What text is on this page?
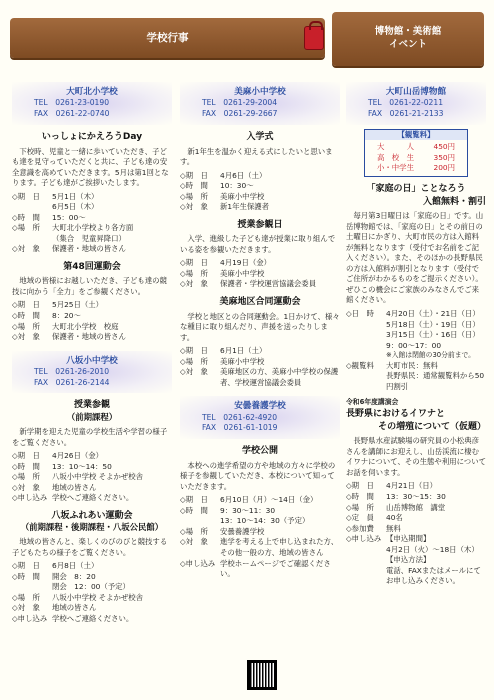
学校行事	博物館・美術館
イベント
大町北小学校
TEL　0261-23-0190
FAX　0261-22-0740
いっしょにかえろうDay

下校時、児童と一緒に歩いていただき、子ども達を見守っていただくと共に、子ども達の安全意識を高めていただきます。5月は第1回となります。子ども達がご挨拶いたします。

◇期　日	5月1日（木）
6月5日（木）
◇時　間	15：00～
◇場　所	大町北小学校より各方面
（集合　児童昇降口）
◇対　象	保護者・地域の皆さん
第48回運動会

地域の皆様にお越しいただき、子ども達の競技に向かう「全力」をご参観ください。

◇期　日	5月25日（土）
◇時　間	8：20～
◇場　所	大町北小学校　校庭
◇対　象	保護者・地域の皆さん
八坂小中学校
TEL　0261-26-2010
FAX　0261-26-2144
授業参観
（前期課程）

新学期を迎えた児童の学校生活や学習の様子をご覧ください。

◇期　日	4月26日（金）
◇時　間	13：10～14：50
◇場　所	八坂小中学校 そよかぜ校舎
◇対　象	地域の皆さん
◇申し込み 学校へご連絡ください。
八坂ふれあい運動会
（前期課程・後期課程・八坂公民館）

地域の皆さんと、楽しくのびのびと競技する子どもたちの様子をご覧ください。

◇期　日	6月8日（土）
◇時　間	開会　8：20
閉会　12：00（予定）
◇場　所	八坂小中学校 そよかぜ校舎
◇対　象	地域の皆さん
◇申し込み 学校へご連絡ください。
美麻小中学校
TEL　0261-29-2004
FAX　0261-29-2667
入学式

新1年生を温かく迎える式にしたいと思います。

◇期　日	4月6日（土）
◇時　間	10：30～
◇場　所	美麻小中学校
◇対　象	新1年生保護者
授業参観日

入学、進級した子ども達が授業に取り組んでいる姿を参観いただきます。

◇期　日	4月19日（金）
◇場　所	美麻小中学校
◇対　象	保護者・学校運営協議会委員
美麻地区合同運動会

学校と地区との合同運動会。1日かけて、様々な種目に取り組んだり、声援を送ったりします。

◇期　日	6月1日（土）
◇場　所	美麻小中学校
◇対　象	美麻地区の方、美麻小中学校の保護者、学校運営協議会委員
安曇養護学校
TEL　0261-62-4920
FAX　0261-61-1019
学校公開

本校への進学希望の方や地域の方々に学校の様子を参観していただき、本校について知っていただきます。

◇期　日	6月10日（月）～14日（金）
◇時　間	9：30～11：30
13：10～14：30（予定）
◇場　所	安曇養護学校
◇対　象	進学を考える上で申し込まれた方、その他一般の方、地域の皆さん
◇申し込み 学校ホームページでご確認ください。
大町山岳博物館
TEL　0261-22-0211
FAX　0261-21-2133
【観覧料】
大　　　人	450円
高　校　生	350円
小・中学生	200円
「家庭の日」ことなろう
入館無料・割引

毎月第3日曜日は「家庭の日」です。山岳博物館では、「家庭の日」とその前日の土曜日にかぎり、大町市民の方は入館料が無料となります（受付でお名前をご記入ください）。また、そのほかの長野県民の方は入館料が割引となります（受付でご住所がわかるものをご提示ください）。ぜひこの機会にご家族のみなさんでご来館ください。

◇日　時	4月20日（土）・21日（日）
5月18日（土）・19日（日）
3月15日（土）・16日（日）
9：00～17：00
※入館は閉館の30分前まで。
◇観覧料	大町市民：無料
長野県民：通常観覧料から50円割引
令和6年度講演会
長野県におけるイワナと
その増殖について（仮題）

長野県水産試験場の研究員の小松典彦さんを講師にお迎えし、山岳渓流に棲むイワナについて、その生態や利用についてお話を伺います。

◇期　日	4月21日（日）
◇時　間	13：30～15：30
◇場　所	山岳博物館　講堂
◇定　員	40名
◇参加費	無料
◇申し込み 【申込期間】
4月2日（火）～18日（木）
【申込方法】
電話、FAXまたはメールにてお申し込みください。
